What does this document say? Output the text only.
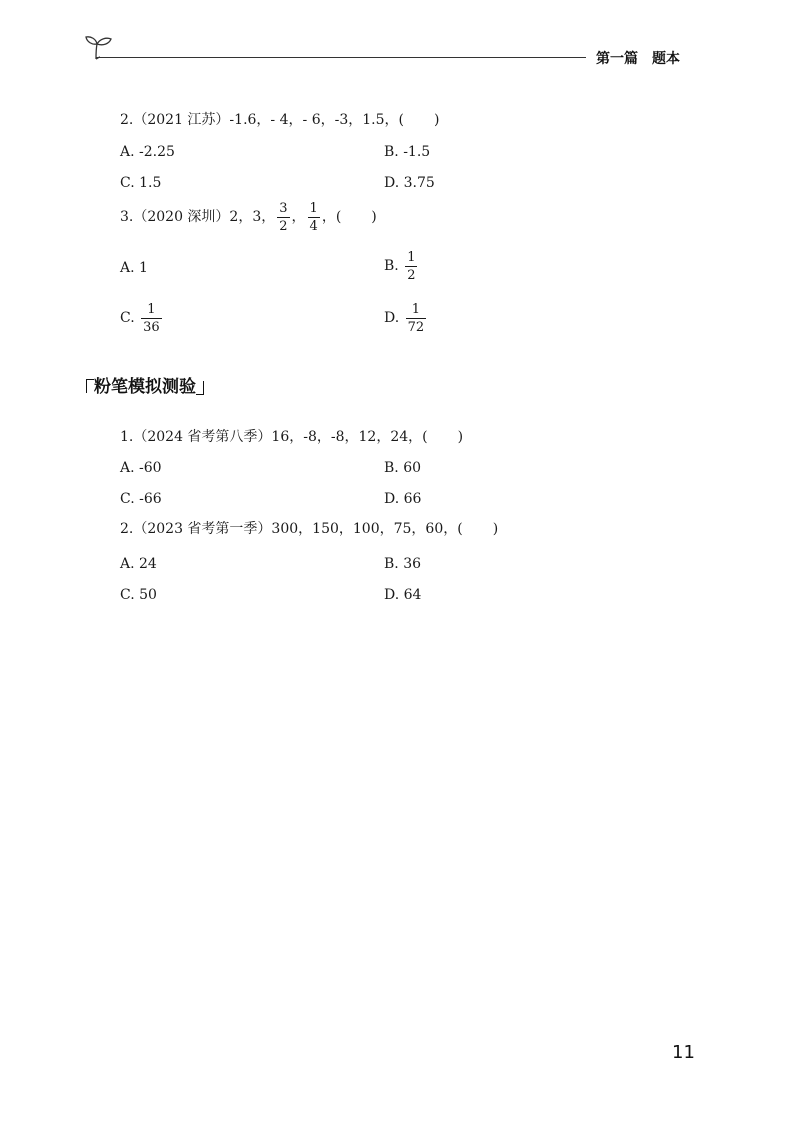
第一篇 题本
2.（2021 江苏）-1.6，- 4，- 6，-3，1.5，( )
A. -2.25	B. -1.5
C. 1.5	D. 3.75
3.（2020 深圳）2，3， $\frac{3}{2}$ ， $\frac{1}{4}$ ，( )
A. 1	B. $\frac{1}{2}$
C. $\frac{1}{36}$	D. $\frac{1}{72}$
粉笔模拟测验
1.（2024 省考第八季）16，-8，-8，12，24，( )
A. -60	B. 60
C. -66	D. 66
2.（2023 省考第一季）300，150，100，75，60，( )
A. 24	B. 36
C. 50	D. 64
11
